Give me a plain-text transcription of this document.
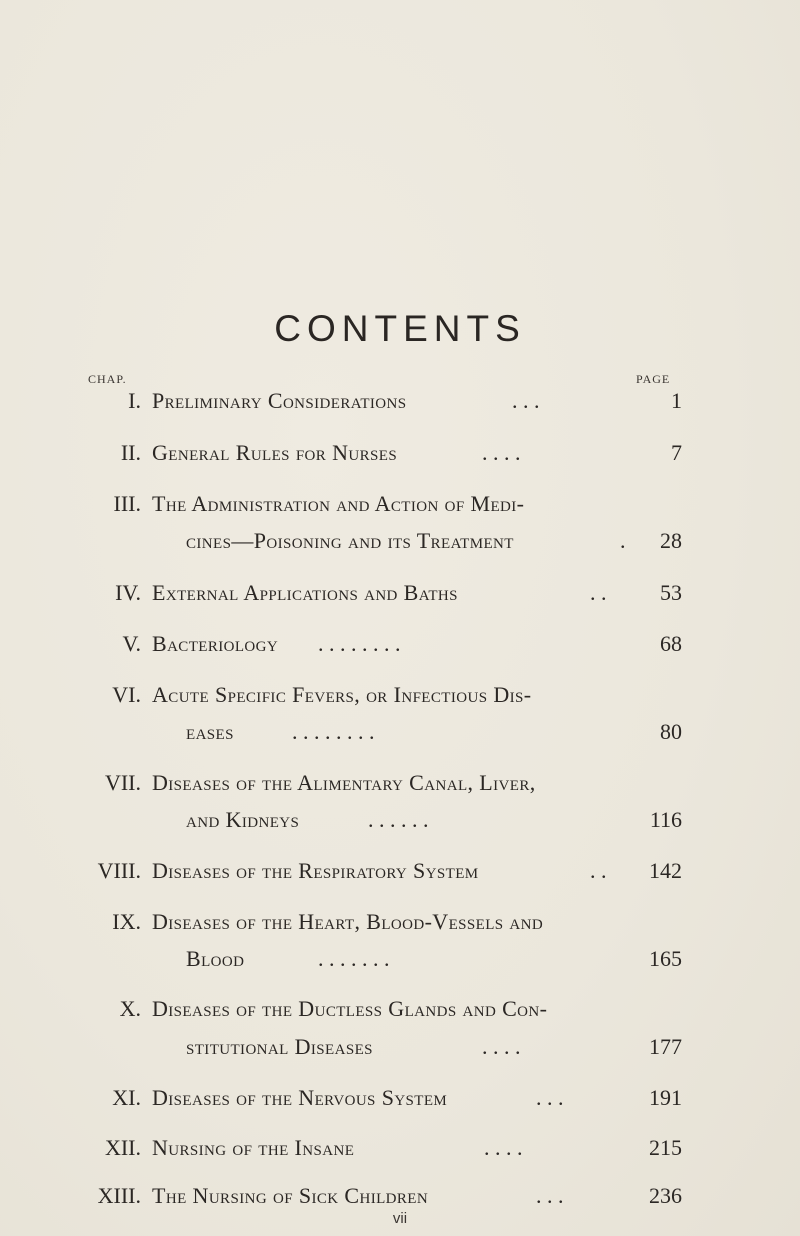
CONTENTS
CHAP.	PAGE
I. Preliminary Considerations	. . .	1
II. General Rules for Nurses	. . . .	7
III. The Administration and Action of Medi-
cines—Poisoning and its Treatment	. 28
IV. External Applications and Baths	. . 53
V. Bacteriology . . . . . . . .	68
VI. Acute Specific Fevers, or Infectious Dis-
eases	. . . . . . . .	80
VII. Diseases of the Alimentary Canal, Liver,
and Kidneys	. . . . . .	116
VIII. Diseases of the Respiratory System	. . 142
IX. Diseases of the Heart, Blood-Vessels and
Blood	. . . . . . .	165
X. Diseases of the Ductless Glands and Con-
stitutional Diseases	. . . .	177
XI. Diseases of the Nervous System	. . .	191
XII. Nursing of the Insane	. . . .	215
XIII. The Nursing of Sick Children	. . .	236
vii
